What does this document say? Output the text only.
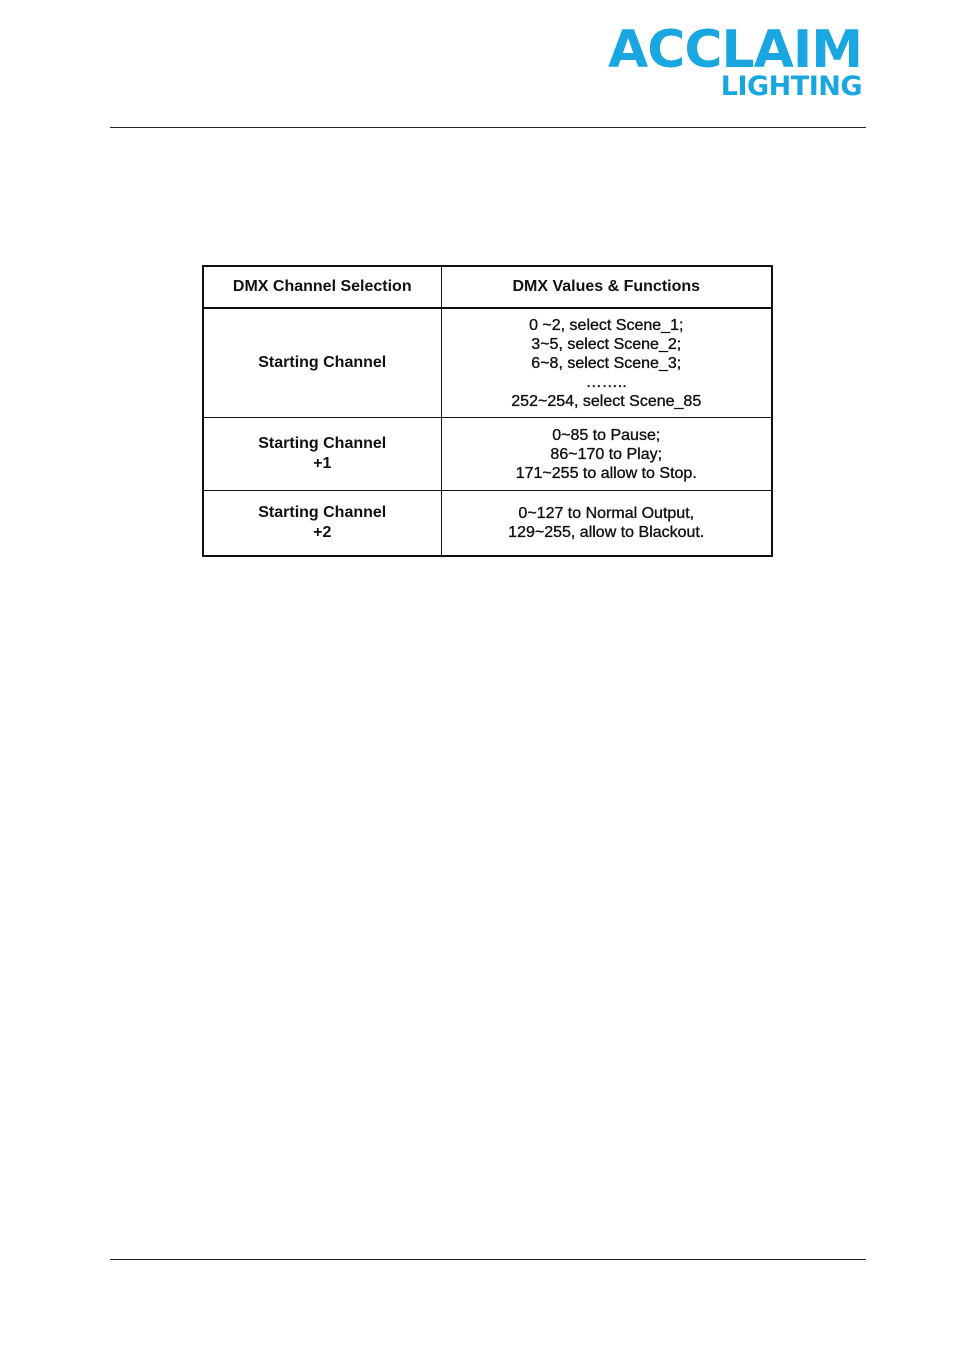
ACCLAIM
LIGHTING
DMX Channel Selection	DMX Values & Functions

Starting Channel	0 ~2, select Scene_1;
3~5, select Scene_2;
6~8, select Scene_3;
……..
252~254, select Scene_85

Starting Channel
+1	0~85 to Pause;
86~170 to Play;
171~255 to allow to Stop.

Starting Channel
+2	0~127 to Normal Output,
129~255, allow to Blackout.
